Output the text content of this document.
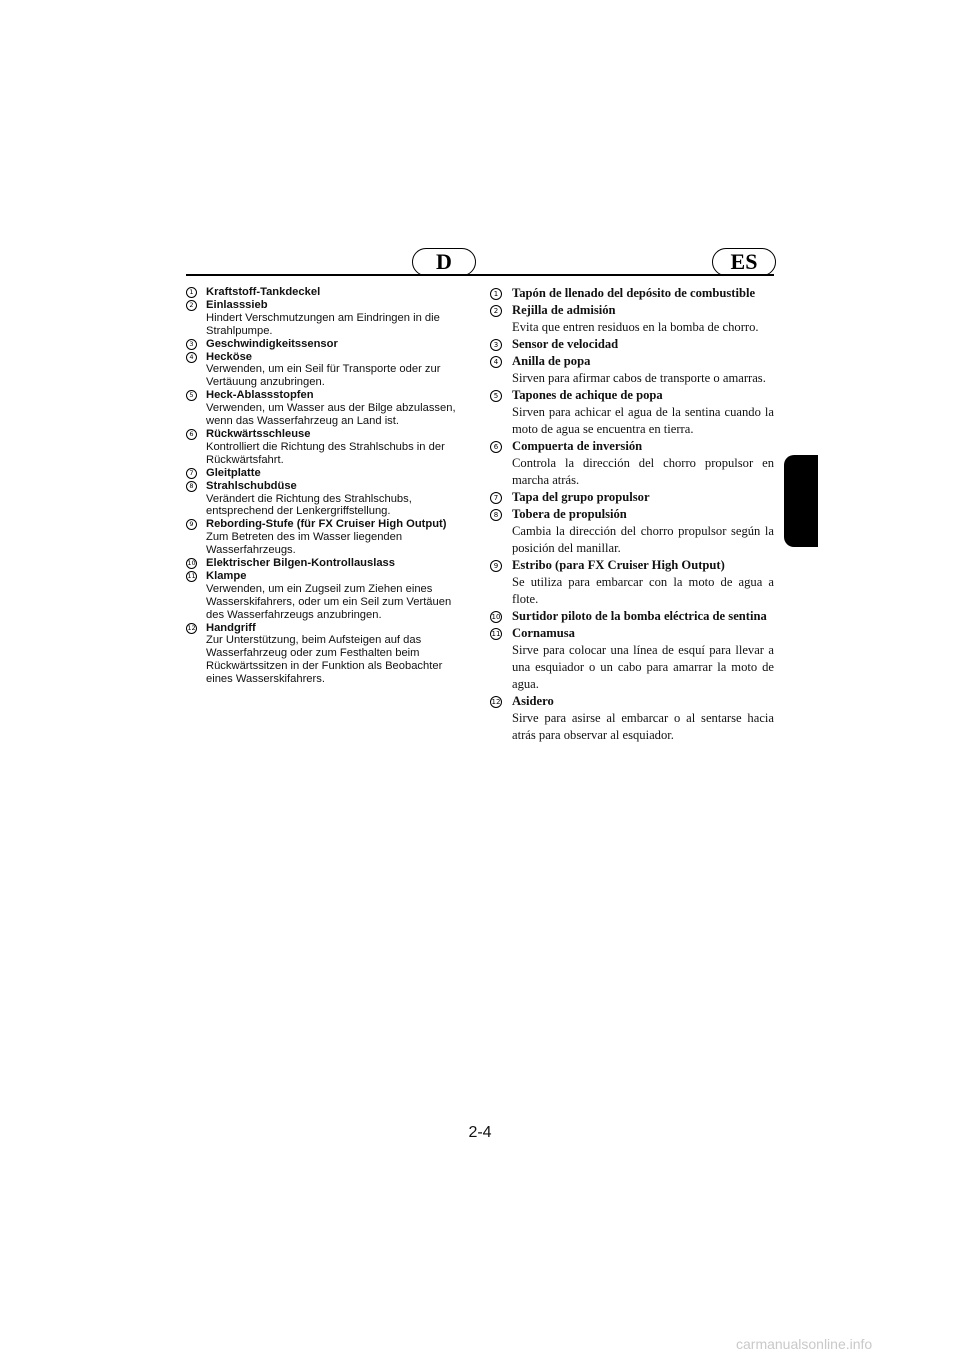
D	ES
1	Kraftstoff-Tankdeckel
2	Einlasssieb
Hindert Verschmutzungen am Eindringen in die Strahlpumpe.
3	Geschwindigkeitssensor
4	Hecköse
Verwenden, um ein Seil für Transporte oder zur Vertäuung anzubringen.
5	Heck-Ablassstopfen
Verwenden, um Wasser aus der Bilge abzulassen, wenn das Wasserfahrzeug an Land ist.
6	Rückwärtsschleuse
Kontrolliert die Richtung des Strahlschubs in der Rückwärtsfahrt.
7	Gleitplatte
8	Strahlschubdüse
Verändert die Richtung des Strahlschubs, entsprechend der Lenkergriffstellung.
9	Rebording-Stufe (für FX Cruiser High Output)
Zum Betreten des im Wasser liegenden Wasserfahrzeugs.
10 Elektrischer Bilgen-Kontrollauslass
11 Klampe
Verwenden, um ein Zugseil zum Ziehen eines Wasserskifahrers, oder um ein Seil zum Vertäuen des Wasserfahrzeugs anzubringen.
12 Handgriff
Zur Unterstützung, beim Aufsteigen auf das Wasserfahrzeug oder zum Festhalten beim Rückwärtssitzen in der Funktion als Beobachter eines Wasserskifahrers.
1	Tapón de llenado del depósito de combustible
2	Rejilla de admisión
Evita que entren residuos en la bomba de chorro.
3	Sensor de velocidad
4	Anilla de popa
Sirven para afirmar cabos de transporte o amarras.
5	Tapones de achique de popa
Sirven para achicar el agua de la sentina cuando la moto de agua se encuentra en tierra.
6	Compuerta de inversión
Controla la dirección del chorro propulsor en marcha atrás.
7	Tapa del grupo propulsor
8	Tobera de propulsión
Cambia la dirección del chorro propulsor según la posición del manillar.
9	Estribo (para FX Cruiser High Output)
Se utiliza para embarcar con la moto de agua a flote.
10 Surtidor piloto de la bomba eléctrica de sentina
11 Cornamusa
Sirve para colocar una línea de esquí para llevar a una esquiador o un cabo para amarrar la moto de agua.
12 Asidero
Sirve para asirse al embarcar o al sentarse hacia atrás para observar al esquiador.
2-4
carmanualsonline.info
